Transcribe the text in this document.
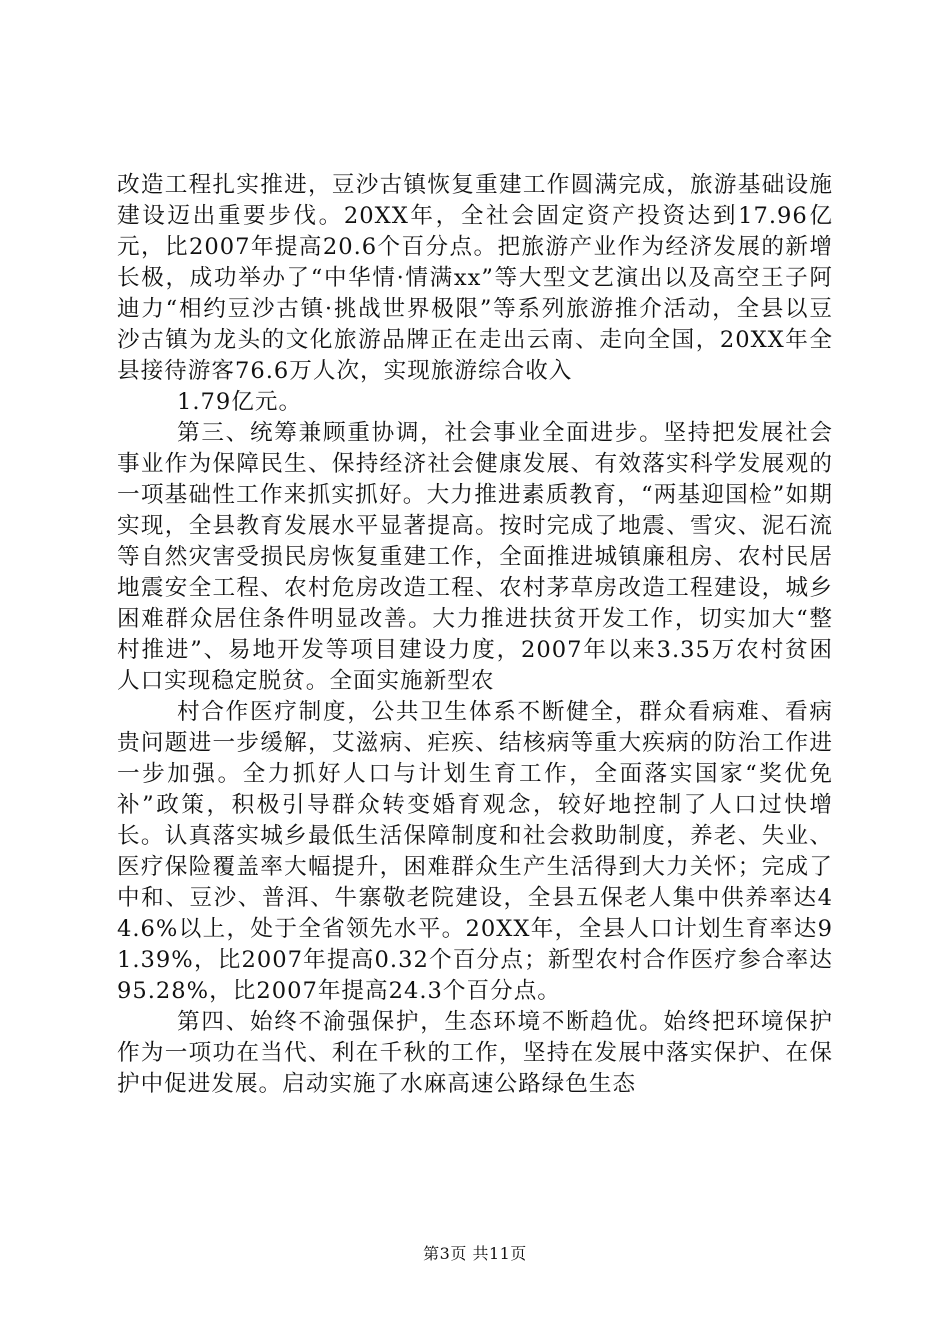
改造工程扎实推进，豆沙古镇恢复重建工作圆满完成，旅游基础设施建设迈出重要步伐。20XX年，全社会固定资产投资达到17.96亿元，比2007年提高20.6个百分点。把旅游产业作为经济发展的新增长极，成功举办了“中华情·情满xx”等大型文艺演出以及高空王子阿迪力“相约豆沙古镇·挑战世界极限”等系列旅游推介活动，全县以豆沙古镇为龙头的文化旅游品牌正在走出云南、走向全国，20XX年全县接待游客76.6万人次，实现旅游综合收入

1.79亿元。

第三、统筹兼顾重协调，社会事业全面进步。坚持把发展社会事业作为保障民生、保持经济社会健康发展、有效落实科学发展观的一项基础性工作来抓实抓好。大力推进素质教育，“两基迎国检”如期实现，全县教育发展水平显著提高。按时完成了地震、雪灾、泥石流等自然灾害受损民房恢复重建工作，全面推进城镇廉租房、农村民居地震安全工程、农村危房改造工程、农村茅草房改造工程建设，城乡困难群众居住条件明显改善。大力推进扶贫开发工作，切实加大“整村推进”、易地开发等项目建设力度，2007年以来3.35万农村贫困人口实现稳定脱贫。全面实施新型农

村合作医疗制度，公共卫生体系不断健全，群众看病难、看病贵问题进一步缓解，艾滋病、疟疾、结核病等重大疾病的防治工作进一步加强。全力抓好人口与计划生育工作，全面落实国家“奖优免补”政策，积极引导群众转变婚育观念，较好地控制了人口过快增长。认真落实城乡最低生活保障制度和社会救助制度，养老、失业、医疗保险覆盖率大幅提升，困难群众生产生活得到大力关怀；完成了中和、豆沙、普洱、牛寨敬老院建设，全县五保老人集中供养率达44.6%以上，处于全省领先水平。20XX年，全县人口计划生育率达91.39%，比2007年提高0.32个百分点；新型农村合作医疗参合率达95.28%，比2007年提高24.3个百分点。

第四、始终不渝强保护，生态环境不断趋优。始终把环境保护作为一项功在当代、利在千秋的工作，坚持在发展中落实保护、在保护中促进发展。启动实施了水麻高速公路绿色生态

第3页 共11页
